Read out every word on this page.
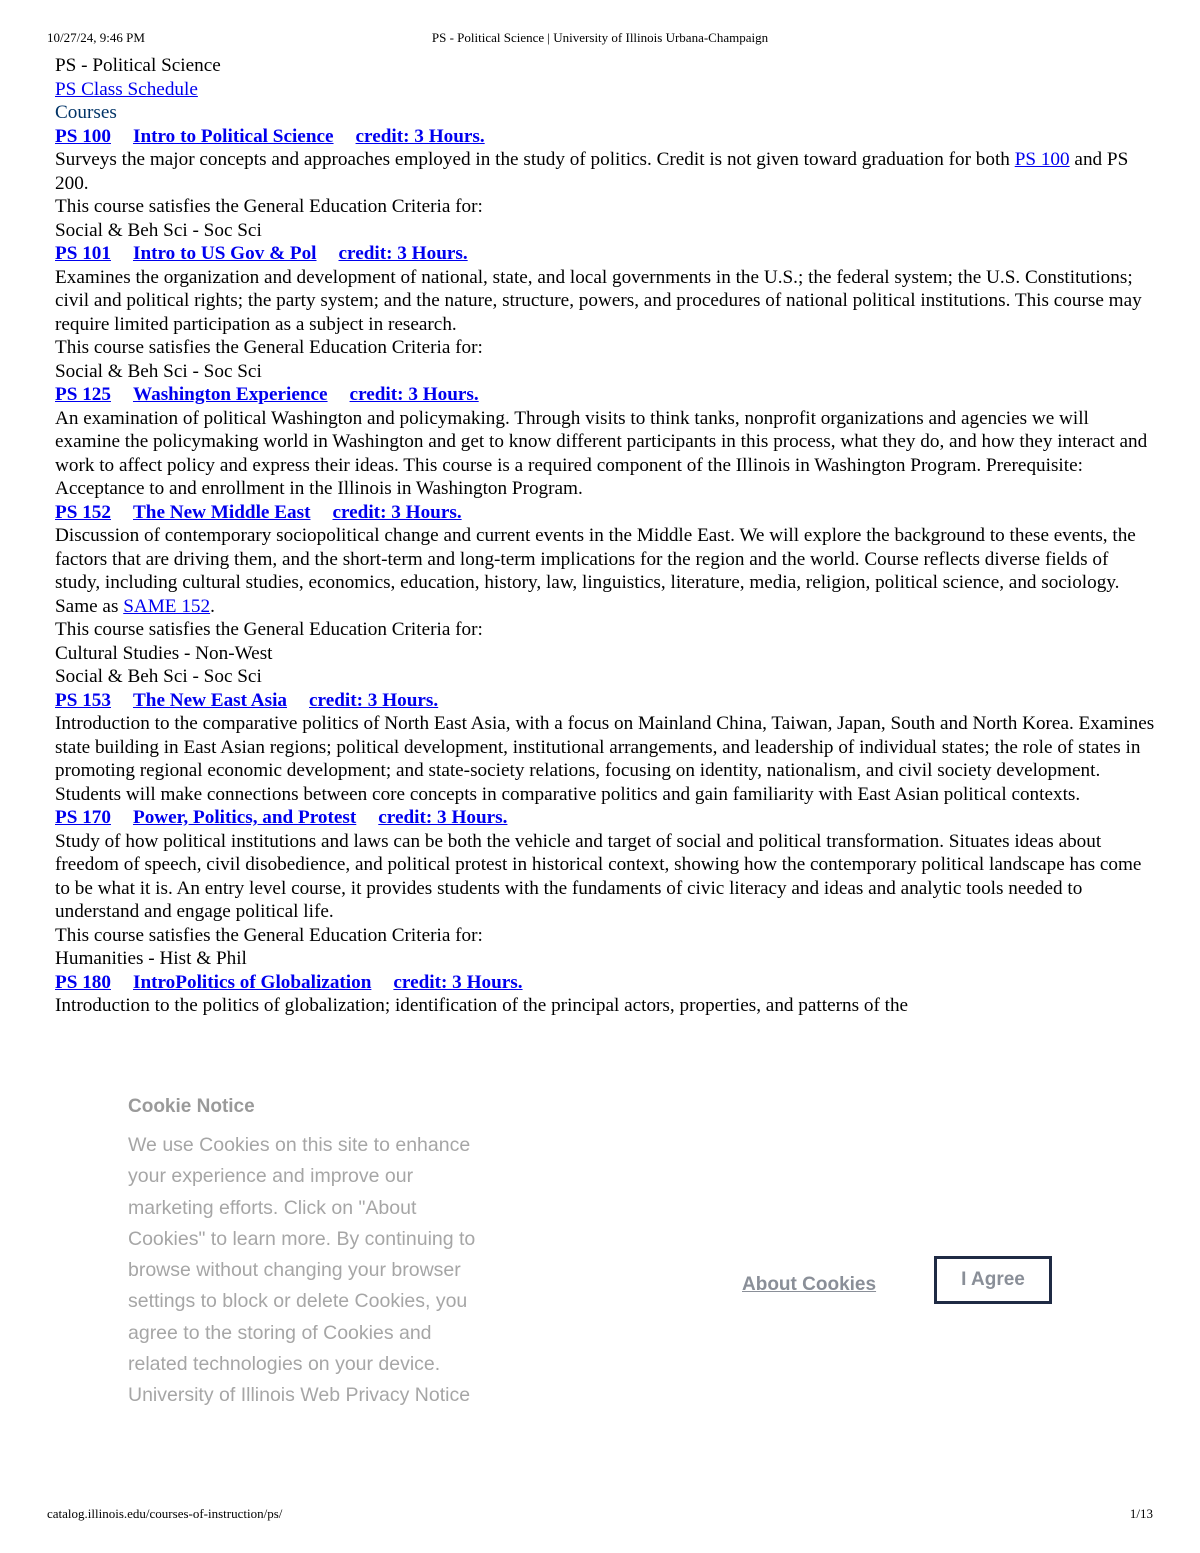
10/27/24, 9:46 PM	PS - Political Science | University of Illinois Urbana-Champaign
PS - Political Science
PS Class Schedule
Courses
PS 100 Intro to Political Science credit: 3 Hours.
Surveys the major concepts and approaches employed in the study of politics. Credit is not given toward graduation for both PS 100 and PS 200.
This course satisfies the General Education Criteria for:
Social & Beh Sci - Soc Sci
PS 101 Intro to US Gov & Pol credit: 3 Hours.
Examines the organization and development of national, state, and local governments in the U.S.; the federal system; the U.S. Constitutions; civil and political rights; the party system; and the nature, structure, powers, and procedures of national political institutions. This course may require limited participation as a subject in research.
This course satisfies the General Education Criteria for:
Social & Beh Sci - Soc Sci
PS 125 Washington Experience credit: 3 Hours.
An examination of political Washington and policymaking. Through visits to think tanks, nonprofit organizations and agencies we will examine the policymaking world in Washington and get to know different participants in this process, what they do, and how they interact and work to affect policy and express their ideas. This course is a required component of the Illinois in Washington Program. Prerequisite: Acceptance to and enrollment in the Illinois in Washington Program.
PS 152 The New Middle East credit: 3 Hours.
Discussion of contemporary sociopolitical change and current events in the Middle East. We will explore the background to these events, the factors that are driving them, and the short-term and long-term implications for the region and the world. Course reflects diverse fields of study, including cultural studies, economics, education, history, law, linguistics, literature, media, religion, political science, and sociology. Same as SAME 152.
This course satisfies the General Education Criteria for:
Cultural Studies - Non-West
Social & Beh Sci - Soc Sci
PS 153 The New East Asia credit: 3 Hours.
Introduction to the comparative politics of North East Asia, with a focus on Mainland China, Taiwan, Japan, South and North Korea. Examines state building in East Asian regions; political development, institutional arrangements, and leadership of individual states; the role of states in promoting regional economic development; and state-society relations, focusing on identity, nationalism, and civil society development. Students will make connections between core concepts in comparative politics and gain familiarity with East Asian political contexts.
PS 170 Power, Politics, and Protest credit: 3 Hours.
Study of how political institutions and laws can be both the vehicle and target of social and political transformation. Situates ideas about freedom of speech, civil disobedience, and political protest in historical context, showing how the contemporary political landscape has come to be what it is. An entry level course, it provides students with the fundaments of civic literacy and ideas and analytic tools needed to understand and engage political life.
This course satisfies the General Education Criteria for:
Humanities - Hist & Phil
PS 180 IntroPolitics of Globalization credit: 3 Hours.
Introduction to the politics of globalization; identification of the principal actors, properties, and patterns of the
Cookie Notice
We use Cookies on this site to enhance your experience and improve our marketing efforts. Click on "About Cookies" to learn more. By continuing to browse without changing your browser settings to block or delete Cookies, you agree to the storing of Cookies and related technologies on your device. University of Illinois Web Privacy Notice
About Cookies	I Agree
catalog.illinois.edu/courses-of-instruction/ps/	1/13
